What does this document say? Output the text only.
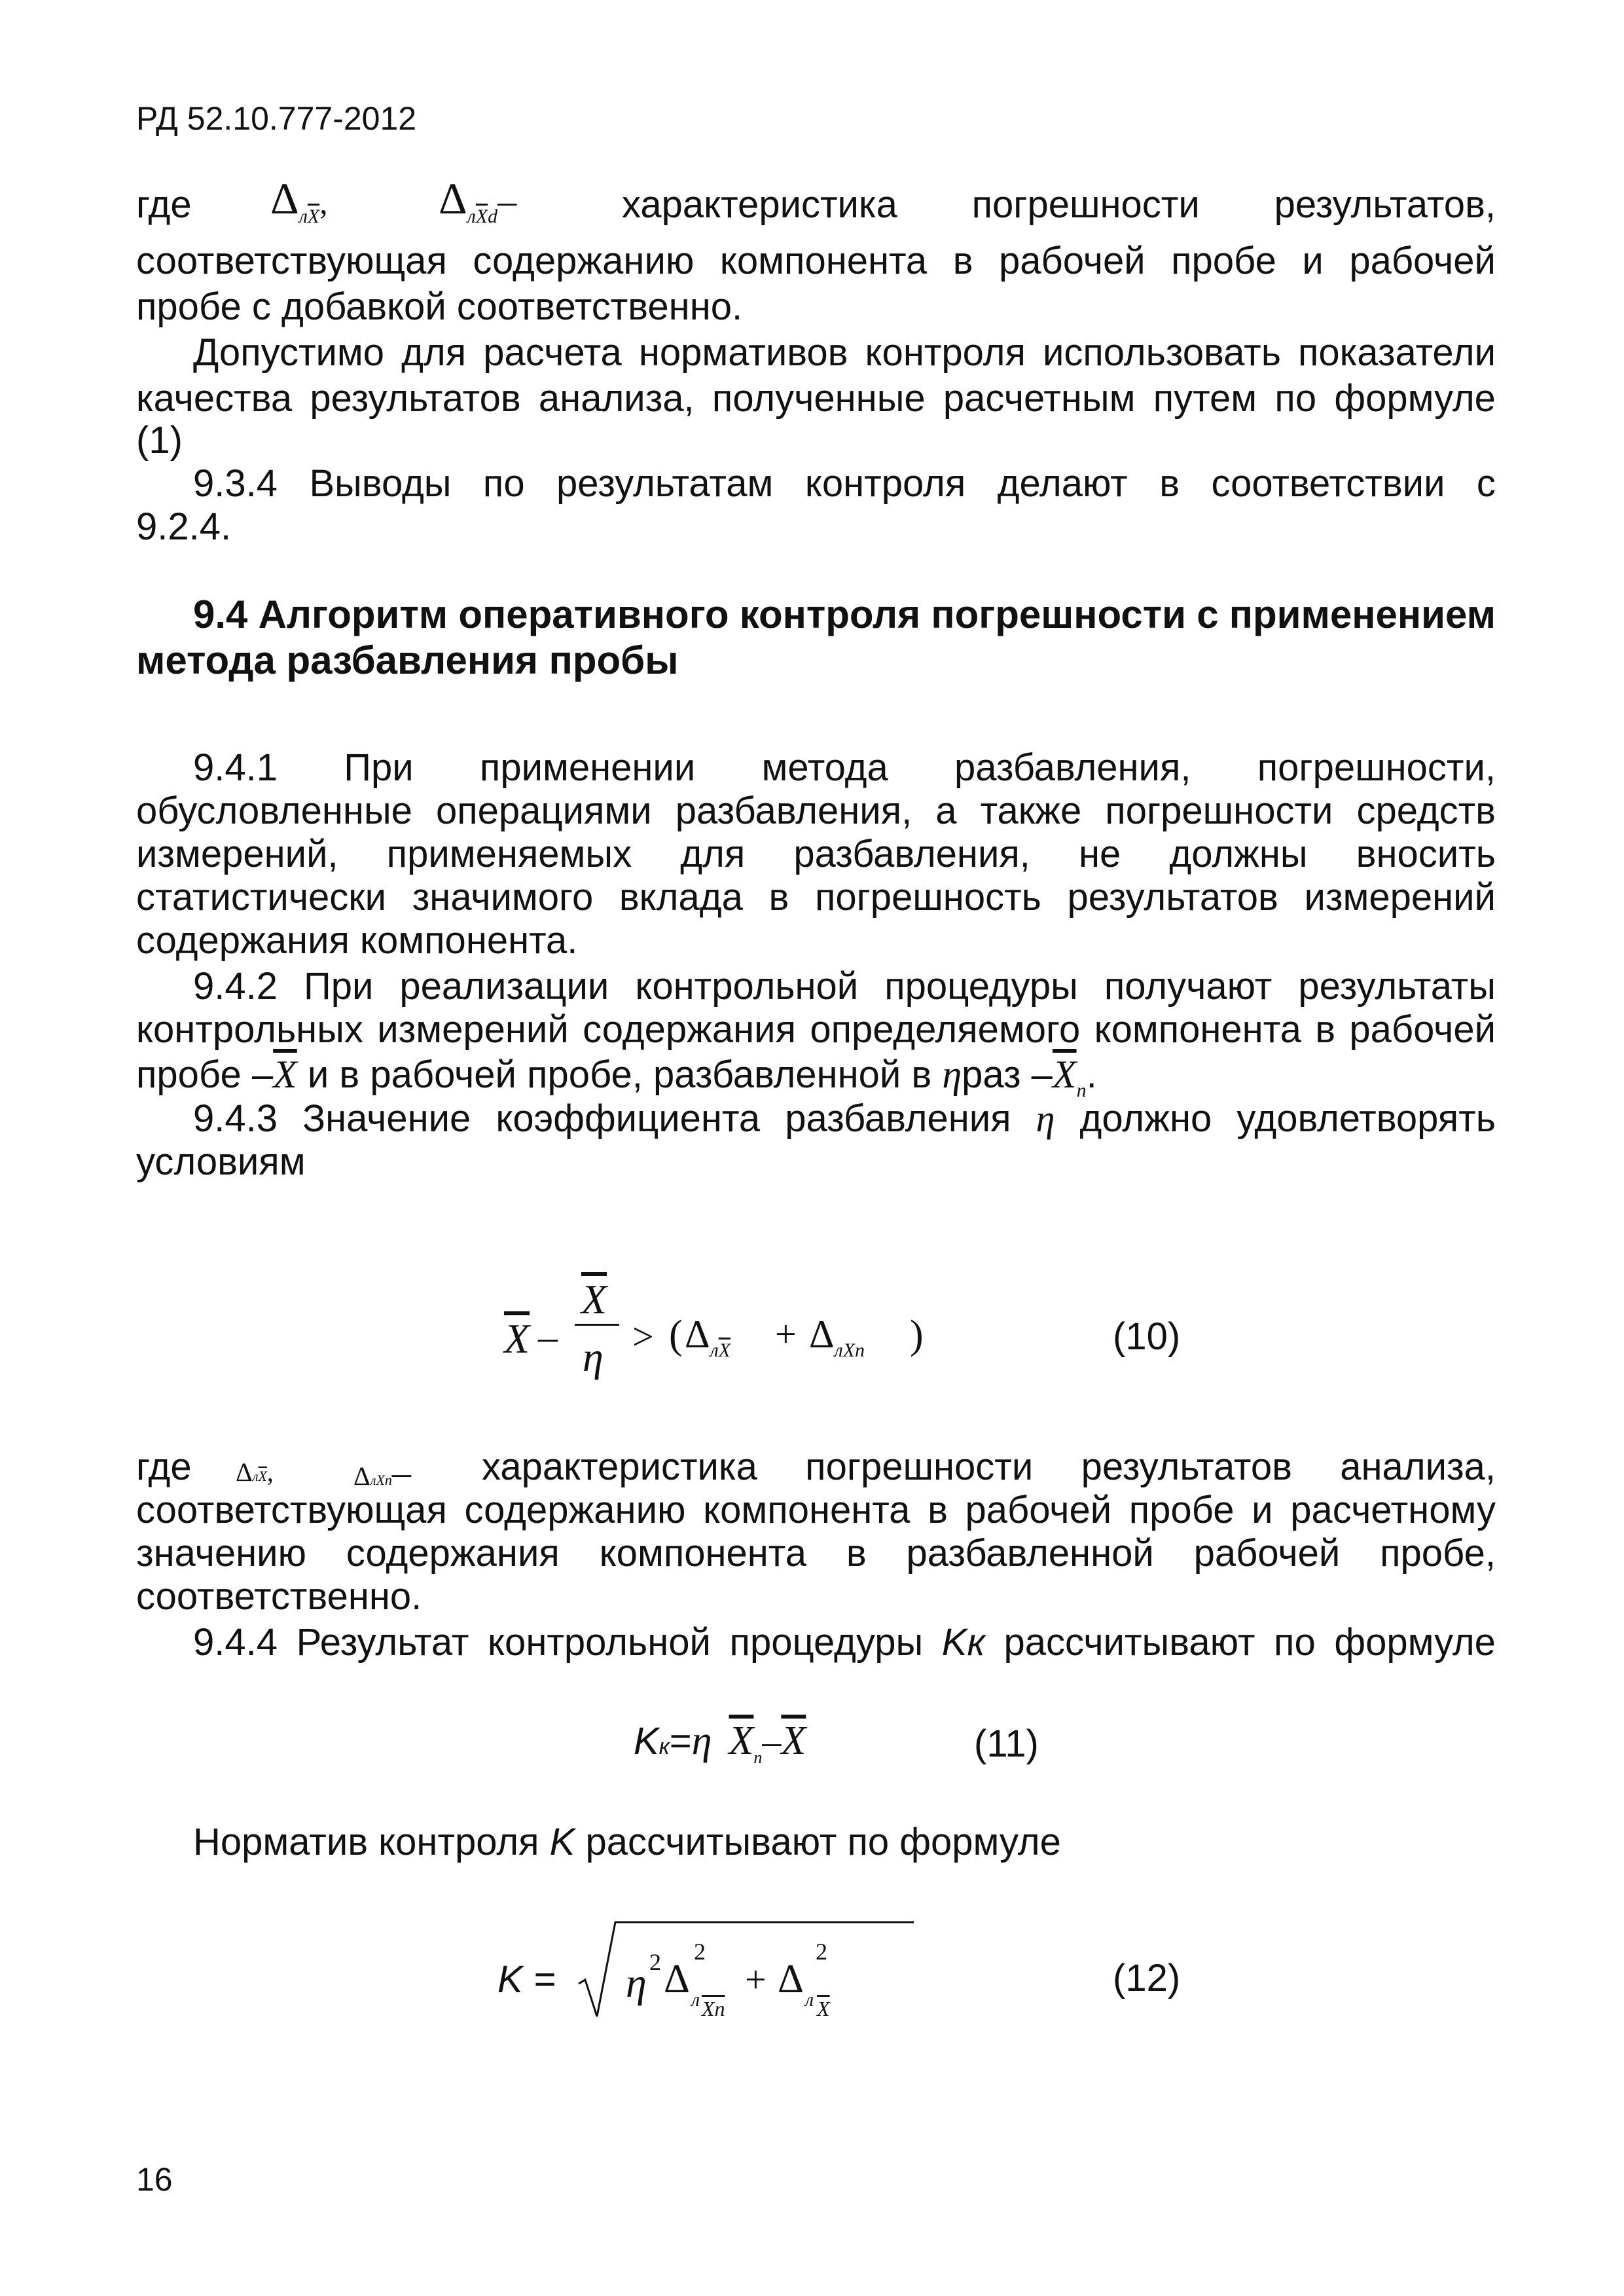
РД 52.10.777-2012
где $\Delta_{л\overline{X}}$, $\Delta_{л\overline{X}d}-$	характеристика погрешности результатов,
соответствующая содержанию компонента в рабочей пробе и рабочей
пробе с добавкой соответственно.
Допустимо для расчета нормативов контроля использовать показатели
качества результатов анализа, полученные расчетным путем по формуле
(1)
9.3.4 Выводы по результатам контроля делают в соответствии с
9.2.4.
9.4 Алгоритм оперативного контроля погрешности с применением
метода разбавления пробы
9.4.1 При применении метода разбавления, погрешности,
обусловленные операциями разбавления, а также погрешности средств
измерений, применяемых для разбавления, не должны вносить
статистически значимого вклада в погрешность результатов измерений
содержания компонента.
9.4.2 При реализации контрольной процедуры получают результаты
контрольных измерений содержания определяемого компонента в рабочей
пробе $-\overline{X}$ и в рабочей пробе, разбавленной в ηраз $-\overline{X}_n$.
9.4.3 Значение коэффициента разбавления η должно удовлетворять
условиям
$\overline{X}$ –
$\overline{X}$
η > ( $\Delta_{л\overline{X}} + \Delta_{лXn}$ )	(10)
где $\Delta л\overline{X}$,	ΔлXn– характеристика погрешности результатов анализа,
соответствующая содержанию компонента в рабочей пробе и расчетному
значению содержания компонента в разбавленной рабочей пробе,
соответственно.
9.4.4 Результат контрольной процедуры Kк рассчитывают по формуле
Kк=η $\overline{X}_n-\overline{X}$	(11)
Норматив контроля K рассчитывают по формуле
K = η 2 Δ
2
л $\overline{Xn}$
+ Δ
2
л $\overline{X}$
(12)
16
